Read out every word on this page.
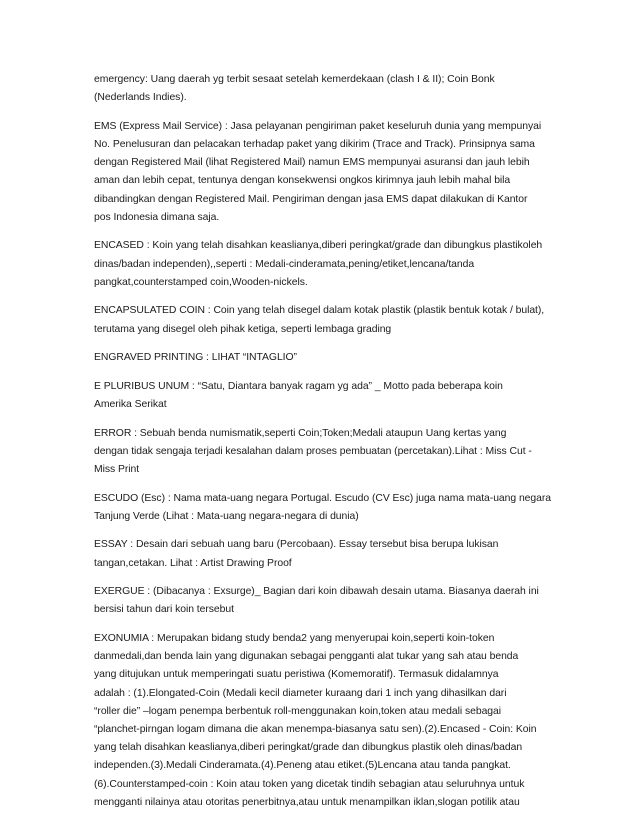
emergency: Uang daerah yg terbit sesaat setelah kemerdekaan (clash I & II); Coin Bonk
(Nederlands Indies).

EMS (Express Mail Service) : Jasa pelayanan pengiriman paket keseluruh dunia yang mempunyai
No. Penelusuran dan pelacakan terhadap paket yang dikirim (Trace and Track). Prinsipnya sama
dengan Registered Mail (lihat Registered Mail) namun EMS mempunyai asuransi dan jauh lebih
aman dan lebih cepat, tentunya dengan konsekwensi ongkos kirimnya jauh lebih mahal bila
dibandingkan dengan Registered Mail. Pengiriman dengan jasa EMS dapat dilakukan di Kantor
pos Indonesia dimana saja.

ENCASED : Koin yang telah disahkan keaslianya,diberi peringkat/grade dan dibungkus plastikoleh
dinas/badan independen),,seperti : Medali-cinderamata,pening/etiket,lencana/tanda
pangkat,counterstamped coin,Wooden-nickels.

ENCAPSULATED COIN : Coin yang telah disegel dalam kotak plastik (plastik bentuk kotak / bulat),
terutama yang disegel oleh pihak ketiga, seperti lembaga grading

ENGRAVED PRINTING : LIHAT “INTAGLIO”

E PLURIBUS UNUM : “Satu, Diantara banyak ragam yg ada” _ Motto pada beberapa koin
Amerika Serikat

ERROR : Sebuah benda numismatik,seperti Coin;Token;Medali ataupun Uang kertas yang
dengan tidak sengaja terjadi kesalahan dalam proses pembuatan (percetakan).Lihat : Miss Cut -
Miss Print

ESCUDO (Esc) : Nama mata-uang negara Portugal. Escudo (CV Esc) juga nama mata-uang negara
Tanjung Verde (Lihat : Mata-uang negara-negara di dunia)

ESSAY : Desain dari sebuah uang baru (Percobaan). Essay tersebut bisa berupa lukisan
tangan,cetakan. Lihat : Artist Drawing Proof

EXERGUE : (Dibacanya : Exsurge)_ Bagian dari koin dibawah desain utama. Biasanya daerah ini
bersisi tahun dari koin tersebut

EXONUMIA : Merupakan bidang study benda2 yang menyerupai koin,seperti koin-token
danmedali,dan benda lain yang digunakan sebagai pengganti alat tukar yang sah atau benda
yang ditujukan untuk memperingati suatu peristiwa (Komemoratif). Termasuk didalamnya
adalah : (1).Elongated-Coin (Medali kecil diameter kuraang dari 1 inch yang dihasilkan dari
“roller die” –logam penempa berbentuk roll-menggunakan koin,token atau medali sebagai
“planchet-pirngan logam dimana die akan menempa-biasanya satu sen).(2).Encased - Coin: Koin
yang telah disahkan keaslianya,diberi peringkat/grade dan dibungkus plastik oleh dinas/badan
independen.(3).Medali Cinderamata.(4).Peneng atau etiket.(5)Lencana atau tanda pangkat.
(6).Counterstamped-coin : Koin atau token yang dicetak tindih sebagian atau seluruhnya untuk
mengganti nilainya atau otoritas penerbitnya,atau untuk menampilkan iklan,slogan potilik atau
